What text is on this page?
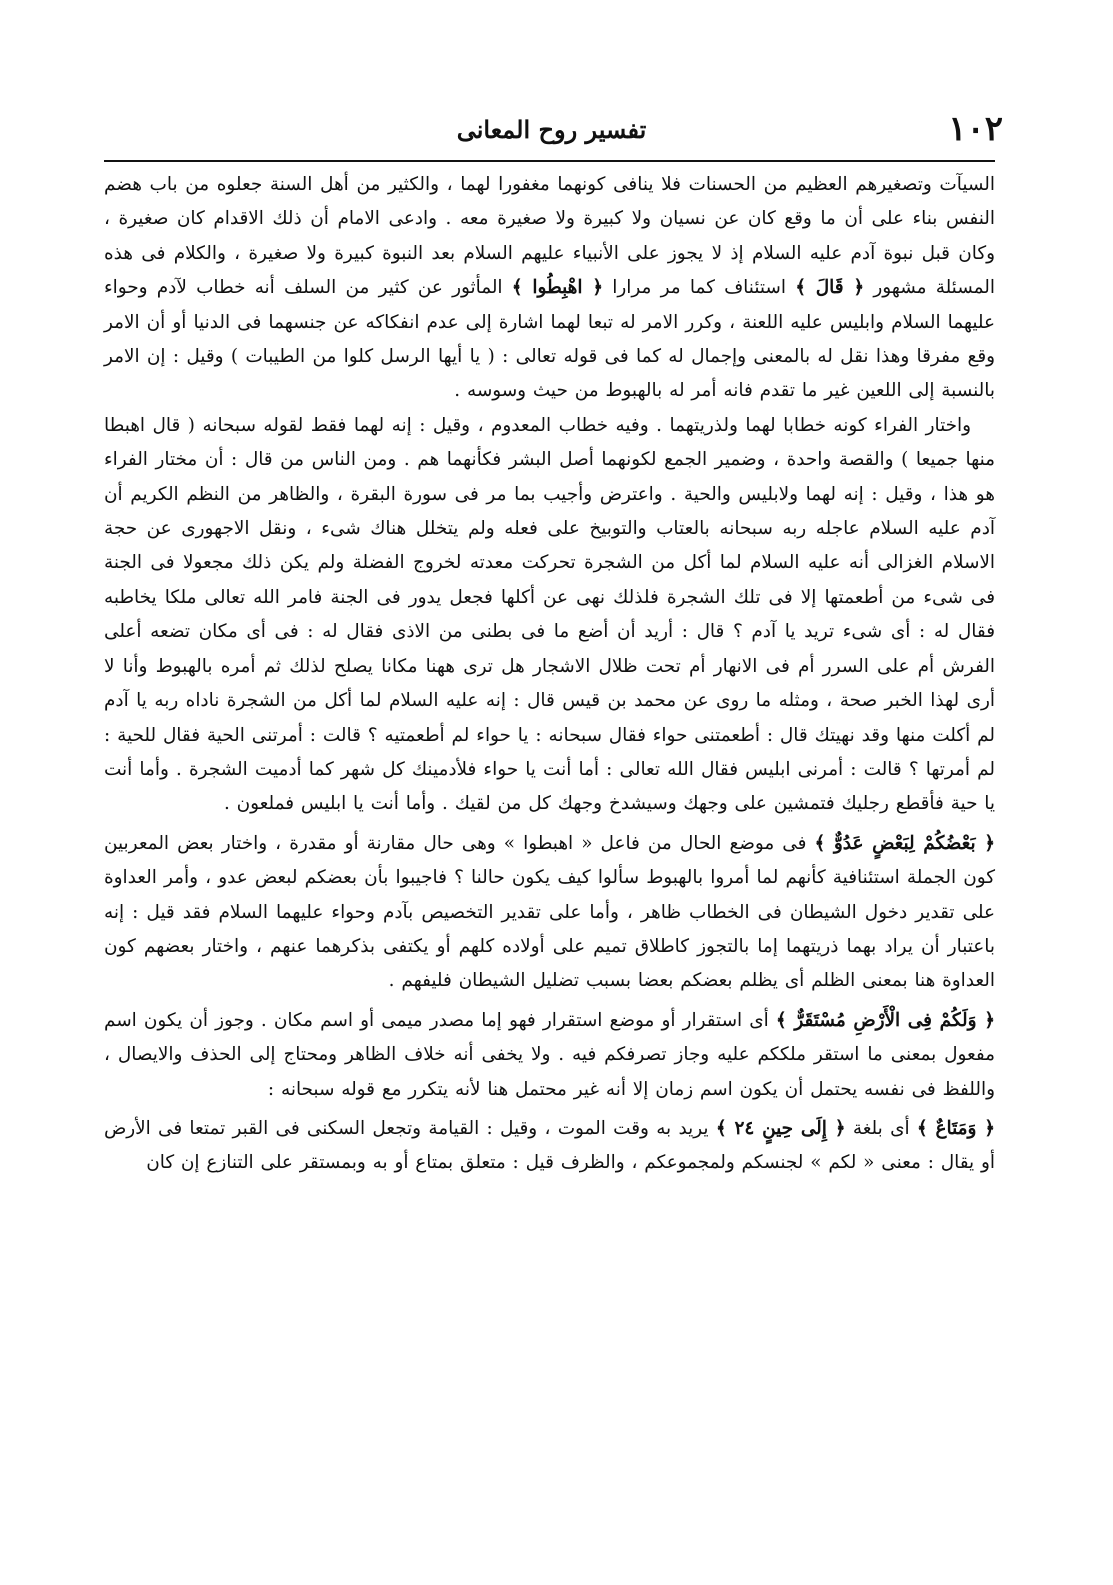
١٠٢
تفسير روح المعانى

السيآت وتصغيرهم العظيم من الحسنات فلا ينافى كونهما مغفورا لهما ، والكثير من أهل السنة جعلوه من باب هضم النفس بناء على أن ما وقع كان عن نسيان ولا كبيرة ولا صغيرة معه . وادعى الامام أن ذلك الاقدام كان صغيرة ، وكان قبل نبوة آدم عليه السلام إذ لا يجوز على الأنبياء عليهم السلام بعد النبوة كبيرة ولا صغيرة ، والكلام فى هذه المسئلة مشهور ﴿ قَالَ ﴾ استئناف كما مر مرارا ﴿ اهْبِطُوا ﴾ المأثور عن كثير من السلف أنه خطاب لآدم وحواء عليهما السلام وابليس عليه اللعنة ، وكرر الامر له تبعا لهما اشارة إلى عدم انفكاكه عن جنسهما فى الدنيا أو أن الامر وقع مفرقا وهذا نقل له بالمعنى وإجمال له كما فى قوله تعالى : ( يا أيها الرسل كلوا من الطيبات ) وقيل : إن الامر بالنسبة إلى اللعين غير ما تقدم فانه أمر له بالهبوط من حيث وسوسه .

واختار الفراء كونه خطابا لهما ولذريتهما . وفيه خطاب المعدوم ، وقيل : إنه لهما فقط لقوله سبحانه ( قال اهبطا منها جميعا ) والقصة واحدة ، وضمير الجمع لكونهما أصل البشر فكأنهما هم . ومن الناس من قال : أن مختار الفراء هو هذا ، وقيل : إنه لهما ولابليس والحية . واعترض وأجيب بما مر فى سورة البقرة ، والظاهر من النظم الكريم أن آدم عليه السلام عاجله ربه سبحانه بالعتاب والتوبيخ على فعله ولم يتخلل هناك شىء ، ونقل الاجهورى عن حجة الاسلام الغزالى أنه عليه السلام لما أكل من الشجرة تحركت معدته لخروج الفضلة ولم يكن ذلك مجعولا فى الجنة فى شىء من أطعمتها إلا فى تلك الشجرة فلذلك نهى عن أكلها فجعل يدور فى الجنة فامر الله تعالى ملكا يخاطبه فقال له : أى شىء تريد يا آدم ؟ قال : أريد أن أضع ما فى بطنى من الاذى فقال له : فى أى مكان تضعه أعلى الفرش أم على السرر أم فى الانهار أم تحت ظلال الاشجار هل ترى ههنا مكانا يصلح لذلك ثم أمره بالهبوط وأنا لا أرى لهذا الخبر صحة ، ومثله ما روى عن محمد بن قيس قال : إنه عليه السلام لما أكل من الشجرة ناداه ربه يا آدم لم أكلت منها وقد نهيتك قال : أطعمتنى حواء فقال سبحانه : يا حواء لم أطعمتيه ؟ قالت : أمرتنى الحية فقال للحية : لم أمرتها ؟ قالت : أمرنى ابليس فقال الله تعالى : أما أنت يا حواء فلأدمينك كل شهر كما أدميت الشجرة . وأما أنت يا حية فأقطع رجليك فتمشين على وجهك وسيشدخ وجهك كل من لقيك . وأما أنت يا ابليس فملعون .

﴿ بَعْضُكُمْ لِبَعْضٍ عَدُوٌّ ﴾ فى موضع الحال من فاعل « اهبطوا » وهى حال مقارنة أو مقدرة ، واختار بعض المعربين كون الجملة استئنافية كأنهم لما أمروا بالهبوط سألوا كيف يكون حالنا ؟ فاجيبوا بأن بعضكم لبعض عدو ، وأمر العداوة على تقدير دخول الشيطان فى الخطاب ظاهر ، وأما على تقدير التخصيص بآدم وحواء عليهما السلام فقد قيل : إنه باعتبار أن يراد بهما ذريتهما إما بالتجوز كاطلاق تميم على أولاده كلهم أو يكتفى بذكرهما عنهم ، واختار بعضهم كون العداوة هنا بمعنى الظلم أى يظلم بعضكم بعضا بسبب تضليل الشيطان فليفهم .

﴿ وَلَكُمْ فِى الْأَرْضِ مُسْتَقَرٌّ ﴾ أى استقرار أو موضع استقرار فهو إما مصدر ميمى أو اسم مكان . وجوز أن يكون اسم مفعول بمعنى ما استقر ملككم عليه وجاز تصرفكم فيه . ولا يخفى أنه خلاف الظاهر ومحتاج إلى الحذف والايصال ، واللفظ فى نفسه يحتمل أن يكون اسم زمان إلا أنه غير محتمل هنا لأنه يتكرر مع قوله سبحانه :

﴿ وَمَتَاعٌ ﴾ أى بلغة ﴿ إِلَى حِينٍ ٢٤ ﴾ يريد به وقت الموت ، وقيل : القيامة وتجعل السكنى فى القبر تمتعا فى الأرض أو يقال : معنى « لكم » لجنسكم ولمجموعكم ، والظرف قيل : متعلق بمتاع أو به وبمستقر على التنازع إن كان
